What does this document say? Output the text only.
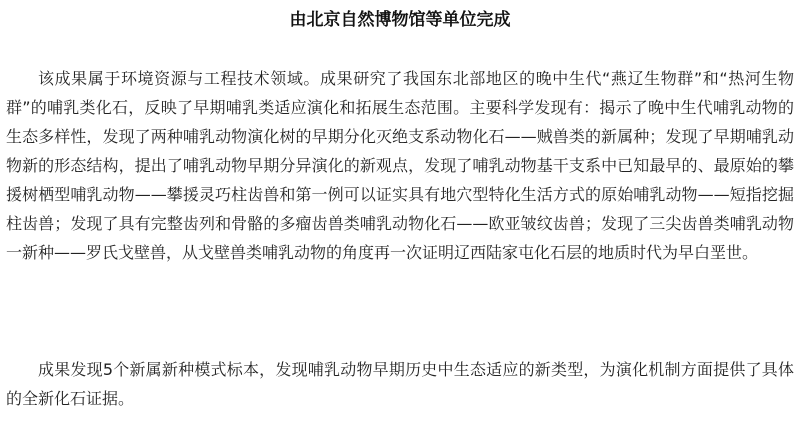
由北京自然博物馆等单位完成

该成果属于环境资源与工程技术领域。成果研究了我国东北部地区的晚中生代“燕辽生物群”和“热河生物群”的哺乳类化石，反映了早期哺乳类适应演化和拓展生态范围。主要科学发现有：揭示了晚中生代哺乳动物的生态多样性，发现了两种哺乳动物演化树的早期分化灭绝支系动物化石——贼兽类的新属种；发现了早期哺乳动物新的形态结构，提出了哺乳动物早期分异演化的新观点，发现了哺乳动物基干支系中已知最早的、最原始的攀援树栖型哺乳动物——攀援灵巧柱齿兽和第一例可以证实具有地穴型特化生活方式的原始哺乳动物——短指挖掘柱齿兽；发现了具有完整齿列和骨骼的多瘤齿兽类哺乳动物化石——欧亚皱纹齿兽；发现了三尖齿兽类哺乳动物一新种——罗氏戈壁兽，从戈壁兽类哺乳动物的角度再一次证明辽西陆家屯化石层的地质时代为早白垩世。

成果发现5个新属新种模式标本，发现哺乳动物早期历史中生态适应的新类型，为演化机制方面提供了具体的全新化石证据。
